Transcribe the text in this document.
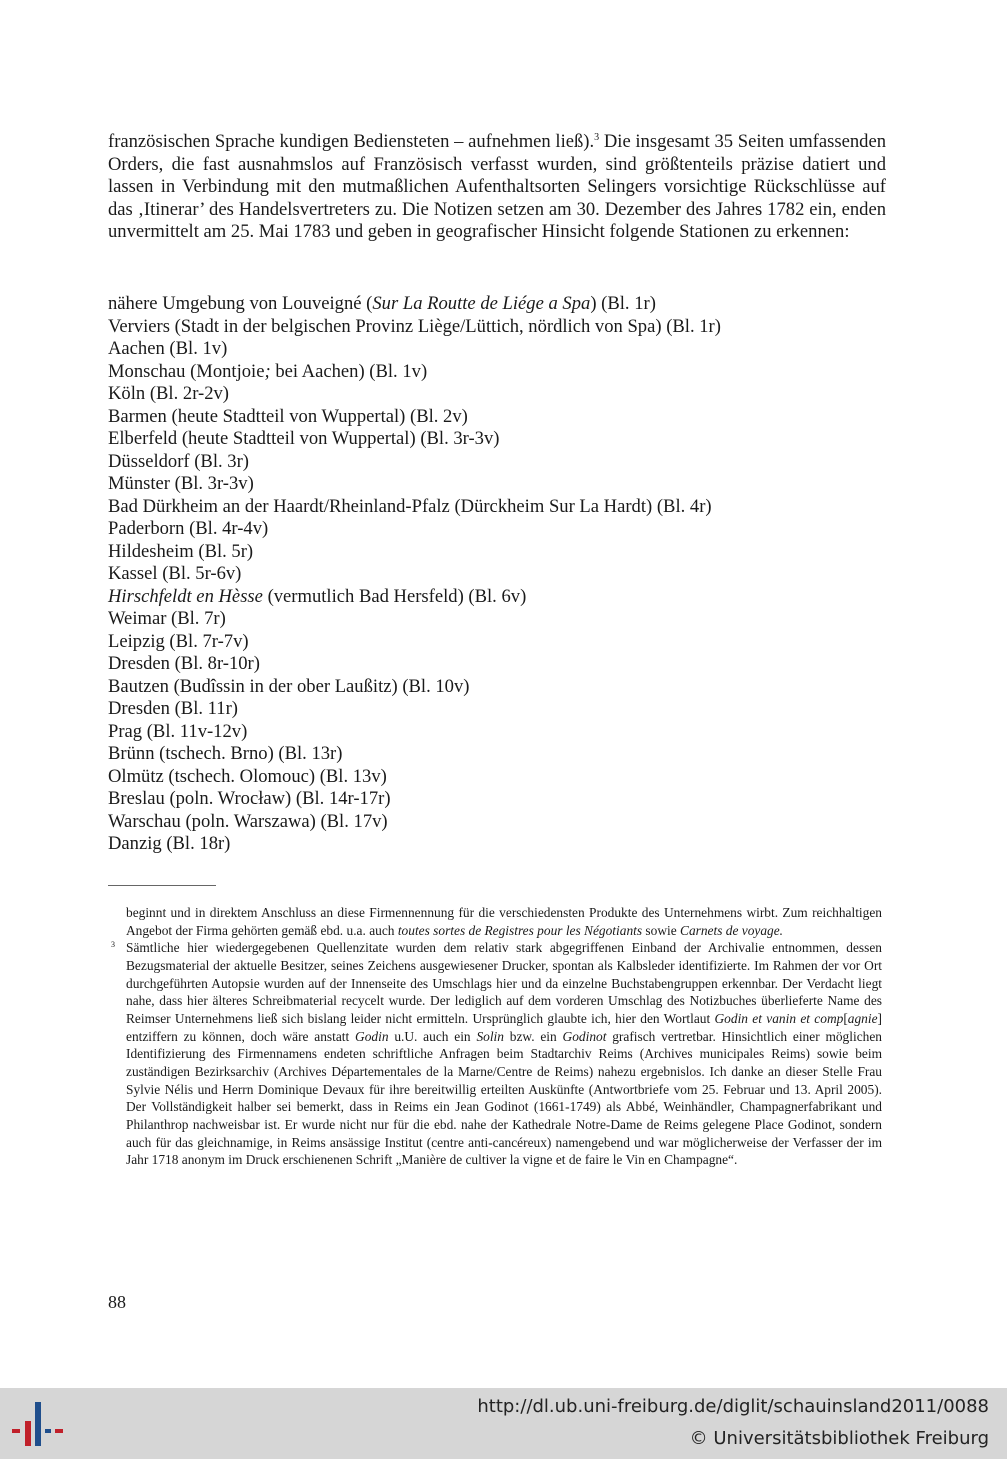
französischen Sprache kundigen Bediensteten – aufnehmen ließ).$^3$ Die insgesamt 35 Seiten umfassenden Orders, die fast ausnahmslos auf Französisch verfasst wurden, sind größtenteils präzise datiert und lassen in Verbindung mit den mutmaßlichen Aufenthaltsorten Selingers vorsichtige Rückschlüsse auf das ‚Itinerar’ des Handelsvertreters zu. Die Notizen setzen am 30. Dezember des Jahres 1782 ein, enden unvermittelt am 25. Mai 1783 und geben in geografischer Hinsicht folgende Stationen zu erkennen:
nähere Umgebung von Louveigné (Sur La Routte de Liége a Spa) (Bl. 1r)
Verviers (Stadt in der belgischen Provinz Liège/Lüttich, nördlich von Spa) (Bl. 1r)
Aachen (Bl. 1v)
Monschau (Montjoie; bei Aachen) (Bl. 1v)
Köln (Bl. 2r-2v)
Barmen (heute Stadtteil von Wuppertal) (Bl. 2v)
Elberfeld (heute Stadtteil von Wuppertal) (Bl. 3r-3v)
Düsseldorf (Bl. 3r)
Münster (Bl. 3r-3v)
Bad Dürkheim an der Haardt/Rheinland-Pfalz (Dürckheim Sur La Hardt) (Bl. 4r)
Paderborn (Bl. 4r-4v)
Hildesheim (Bl. 5r)
Kassel (Bl. 5r-6v)
Hirschfeldt en Hèsse (vermutlich Bad Hersfeld) (Bl. 6v)
Weimar (Bl. 7r)
Leipzig (Bl. 7r-7v)
Dresden (Bl. 8r-10r)
Bautzen (Budîssin in der ober Laußitz) (Bl. 10v)
Dresden (Bl. 11r)
Prag (Bl. 11v-12v)
Brünn (tschech. Brno) (Bl. 13r)
Olmütz (tschech. Olomouc) (Bl. 13v)
Breslau (poln. Wrocław) (Bl. 14r-17r)
Warschau (poln. Warszawa) (Bl. 17v)
Danzig (Bl. 18r)
beginnt und in direktem Anschluss an diese Firmennennung für die verschiedensten Produkte des Unternehmens wirbt. Zum reichhaltigen Angebot der Firma gehörten gemäß ebd. u.a. auch toutes sortes de Registres pour les Négotiants sowie Carnets de voyage.
3 Sämtliche hier wiedergegebenen Quellenzitate wurden dem relativ stark abgegriffenen Einband der Archivalie entnommen, dessen Bezugsmaterial der aktuelle Besitzer, seines Zeichens ausgewiesener Drucker, spontan als Kalbsleder identifizierte. Im Rahmen der vor Ort durchgeführten Autopsie wurden auf der Innenseite des Umschlags hier und da einzelne Buchstabengruppen erkennbar. Der Verdacht liegt nahe, dass hier älteres Schreibmaterial recycelt wurde. Der lediglich auf dem vorderen Umschlag des Notizbuches überlieferte Name des Reimser Unternehmens ließ sich bislang leider nicht ermitteln. Ursprünglich glaubte ich, hier den Wortlaut Godin et vanin et comp[agnie] entziffern zu können, doch wäre anstatt Godin u.U. auch ein Solin bzw. ein Godinot grafisch vertretbar. Hinsichtlich einer möglichen Identifizierung des Firmennamens endeten schriftliche Anfragen beim Stadtarchiv Reims (Archives municipales Reims) sowie beim zuständigen Bezirksarchiv (Archives Départementales de la Marne/Centre de Reims) nahezu ergebnislos. Ich danke an dieser Stelle Frau Sylvie Nélis und Herrn Dominique Devaux für ihre bereitwillig erteilten Auskünfte (Antwortbriefe vom 25. Februar und 13. April 2005). Der Vollständigkeit halber sei bemerkt, dass in Reims ein Jean Godinot (1661-1749) als Abbé, Weinhändler, Champagnerfabrikant und Philanthrop nachweisbar ist. Er wurde nicht nur für die ebd. nahe der Kathedrale Notre-Dame de Reims gelegene Place Godinot, sondern auch für das gleichnamige, in Reims ansässige Institut (centre anti-cancéreux) namengebend und war möglicherweise der Verfasser der im Jahr 1718 anonym im Druck erschienenen Schrift „Manière de cultiver la vigne et de faire le Vin en Champagne“.
88
http://dl.ub.uni-freiburg.de/diglit/schauinsland2011/0088
© Universitätsbibliothek Freiburg
